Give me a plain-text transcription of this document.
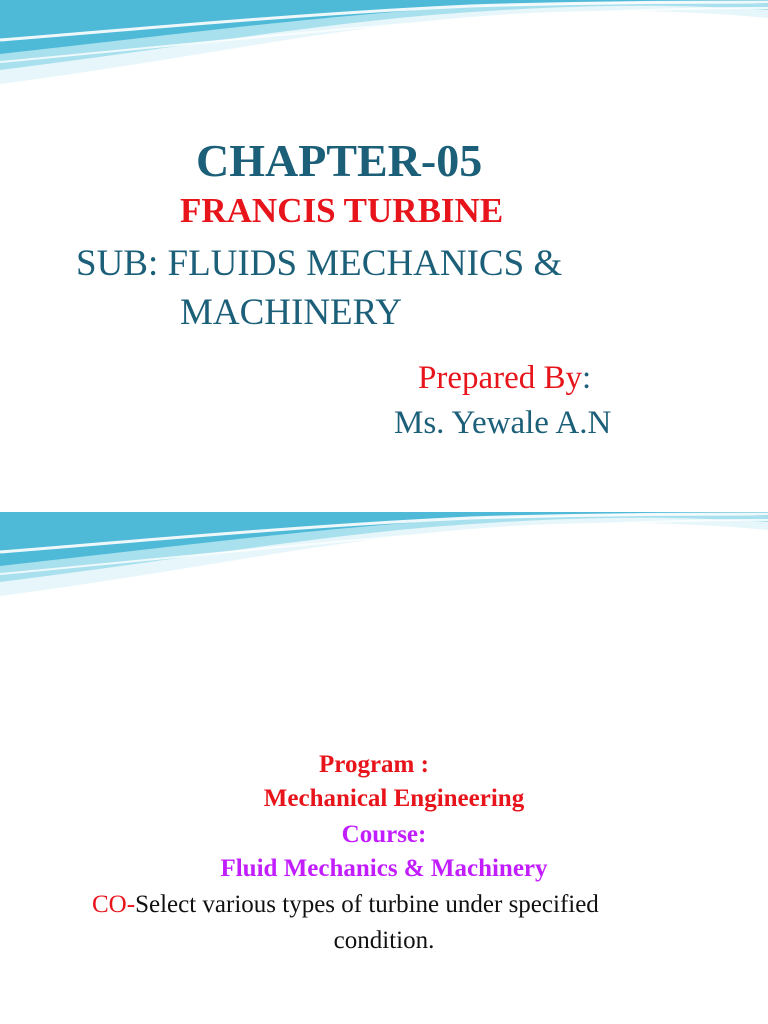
CHAPTER-05
FRANCIS TURBINE

SUB: FLUIDS MECHANICS &

MACHINERY

Prepared By:

Ms. Yewale A.N

Program :

Mechanical Engineering

Course:

Fluid Mechanics & Machinery

CO-Select various types of turbine under specified

condition.
